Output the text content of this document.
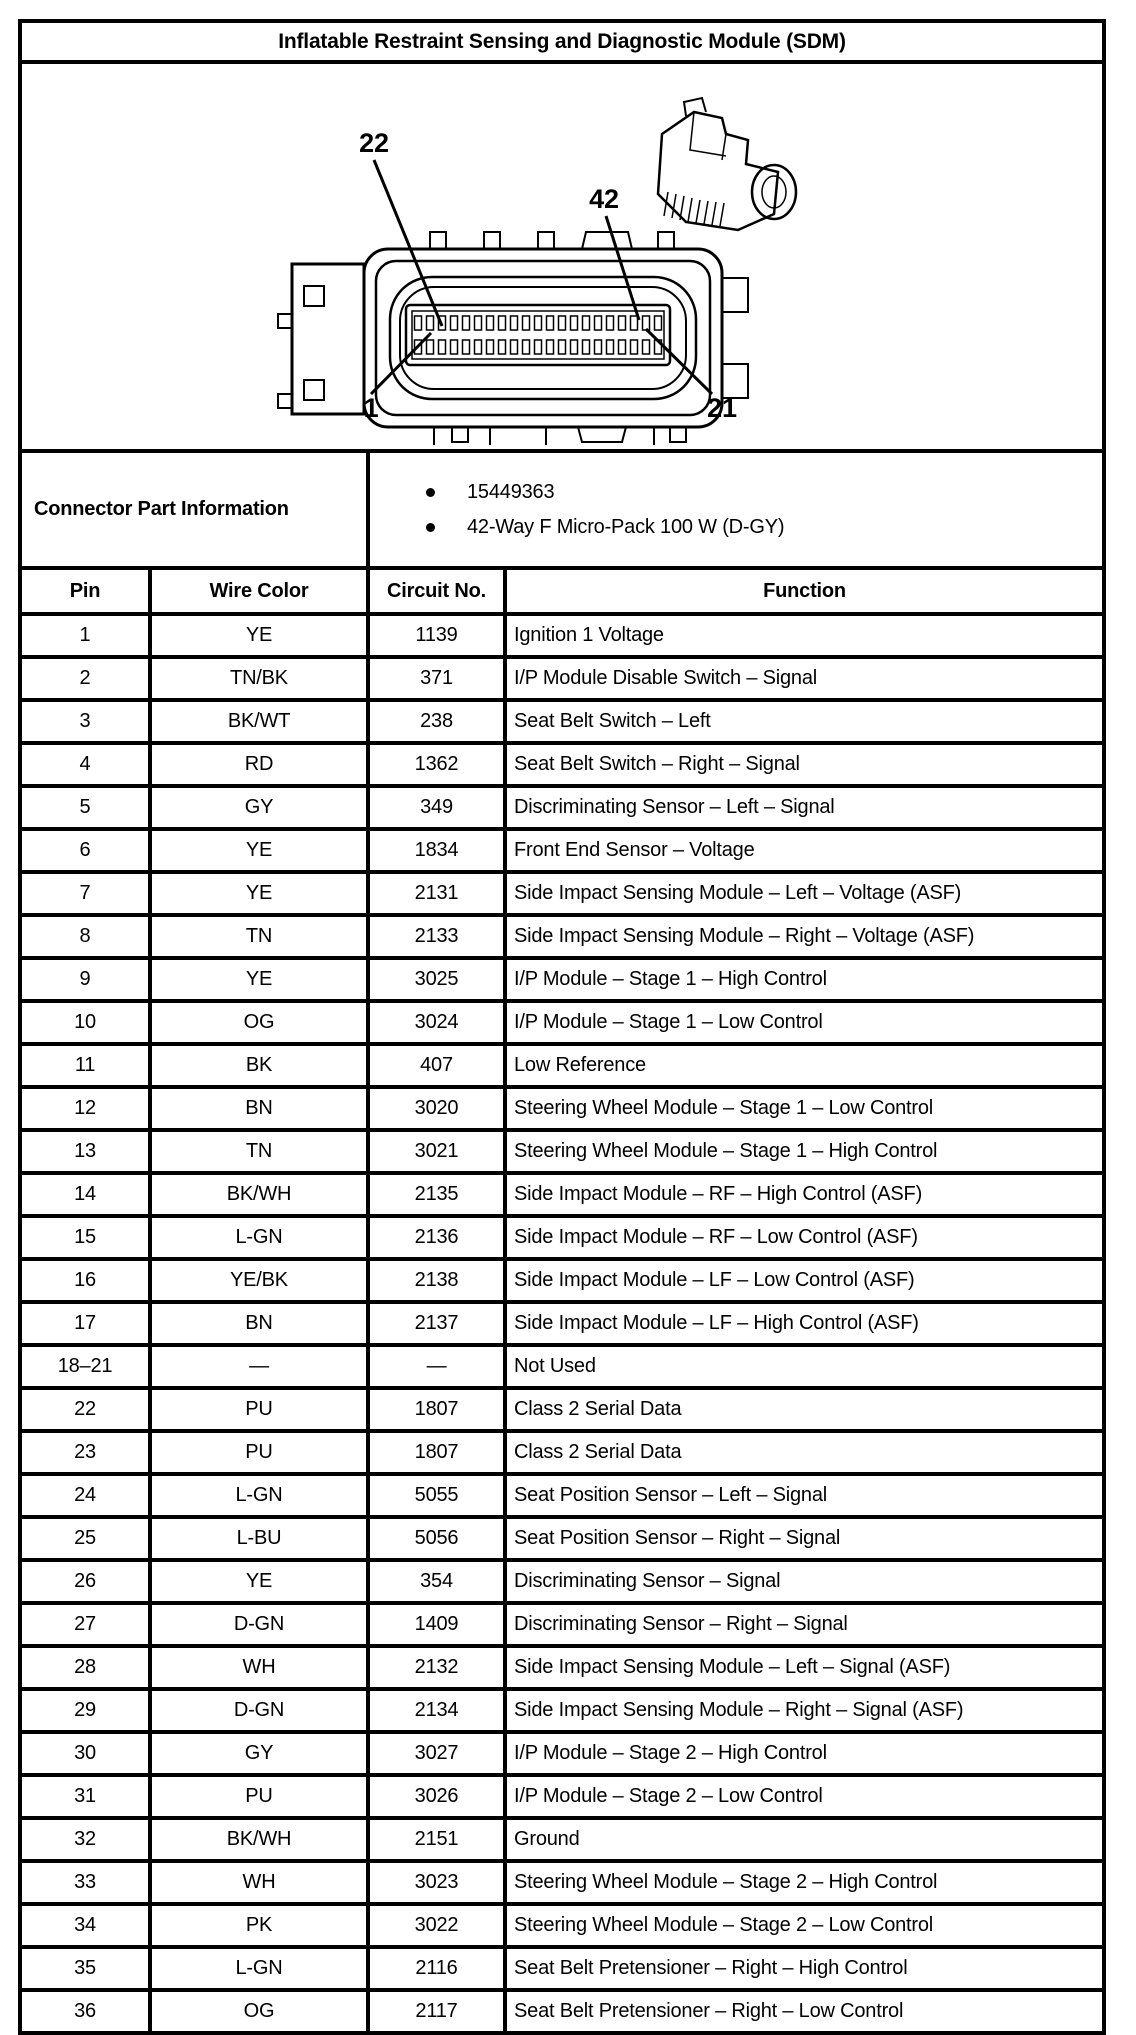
Inflatable Restraint Sensing and Diagnostic Module (SDM)			

22
42
1 21			

Connector Part Information		15449363
42-Way F Micro-Pack 100 W (D-GY)	

Pin	Wire Color	Circuit No.	Function
1	YE	1139	Ignition 1 Voltage
2	TN/BK	371	I/P Module Disable Switch – Signal
3	BK/WT	238	Seat Belt Switch – Left
4	RD	1362	Seat Belt Switch – Right – Signal
5	GY	349	Discriminating Sensor – Left – Signal
6	YE	1834	Front End Sensor – Voltage
7	YE	2131	Side Impact Sensing Module – Left – Voltage (ASF)
8	TN	2133	Side Impact Sensing Module – Right – Voltage (ASF)
9	YE	3025	I/P Module – Stage 1 – High Control
10	OG	3024	I/P Module – Stage 1 – Low Control
11	BK	407	Low Reference
12	BN	3020	Steering Wheel Module – Stage 1 – Low Control
13	TN	3021	Steering Wheel Module – Stage 1 – High Control
14	BK/WH	2135	Side Impact Module – RF – High Control (ASF)
15	L-GN	2136	Side Impact Module – RF – Low Control (ASF)
16	YE/BK	2138	Side Impact Module – LF – Low Control (ASF)
17	BN	2137	Side Impact Module – LF – High Control (ASF)
18–21	—	—	Not Used
22	PU	1807	Class 2 Serial Data
23	PU	1807	Class 2 Serial Data
24	L-GN	5055	Seat Position Sensor – Left – Signal
25	L-BU	5056	Seat Position Sensor – Right – Signal
26	YE	354	Discriminating Sensor – Signal
27	D-GN	1409	Discriminating Sensor – Right – Signal
28	WH	2132	Side Impact Sensing Module – Left – Signal (ASF)
29	D-GN	2134	Side Impact Sensing Module – Right – Signal (ASF)
30	GY	3027	I/P Module – Stage 2 – High Control
31	PU	3026	I/P Module – Stage 2 – Low Control
32	BK/WH	2151	Ground
33	WH	3023	Steering Wheel Module – Stage 2 – High Control
34	PK	3022	Steering Wheel Module – Stage 2 – Low Control
35	L-GN	2116	Seat Belt Pretensioner – Right – High Control
36	OG	2117	Seat Belt Pretensioner – Right – Low Control
